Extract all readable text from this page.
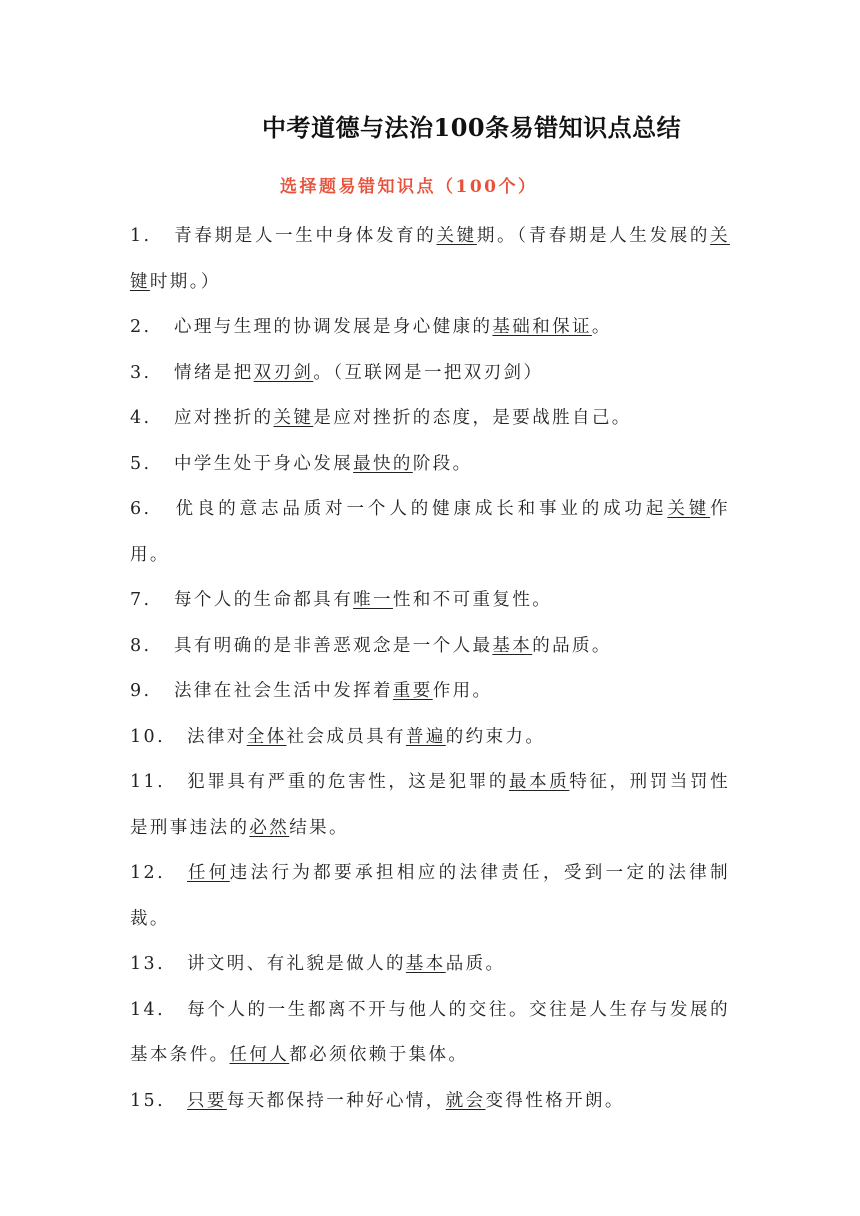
中考道德与法治100条易错知识点总结
选择题易错知识点（100个）
1. 青春期是人一生中身体发育的关键期。（青春期是人生发展的关键时期。）
2. 心理与生理的协调发展是身心健康的基础和保证。
3. 情绪是把双刃剑。（互联网是一把双刃剑）
4. 应对挫折的关键是应对挫折的态度，是要战胜自己。
5. 中学生处于身心发展最快的阶段。
6. 优良的意志品质对一个人的健康成长和事业的成功起关键作用。
7. 每个人的生命都具有唯一性和不可重复性。
8. 具有明确的是非善恶观念是一个人最基本的品质。
9. 法律在社会生活中发挥着重要作用。
10. 法律对全体社会成员具有普遍的约束力。
11. 犯罪具有严重的危害性，这是犯罪的最本质特征，刑罚当罚性是刑事违法的必然结果。
12. 任何违法行为都要承担相应的法律责任，受到一定的法律制裁。
13. 讲文明、有礼貌是做人的基本品质。
14. 每个人的一生都离不开与他人的交往。交往是人生存与发展的基本条件。任何人都必须依赖于集体。
15. 只要每天都保持一种好心情，就会变得性格开朗。
